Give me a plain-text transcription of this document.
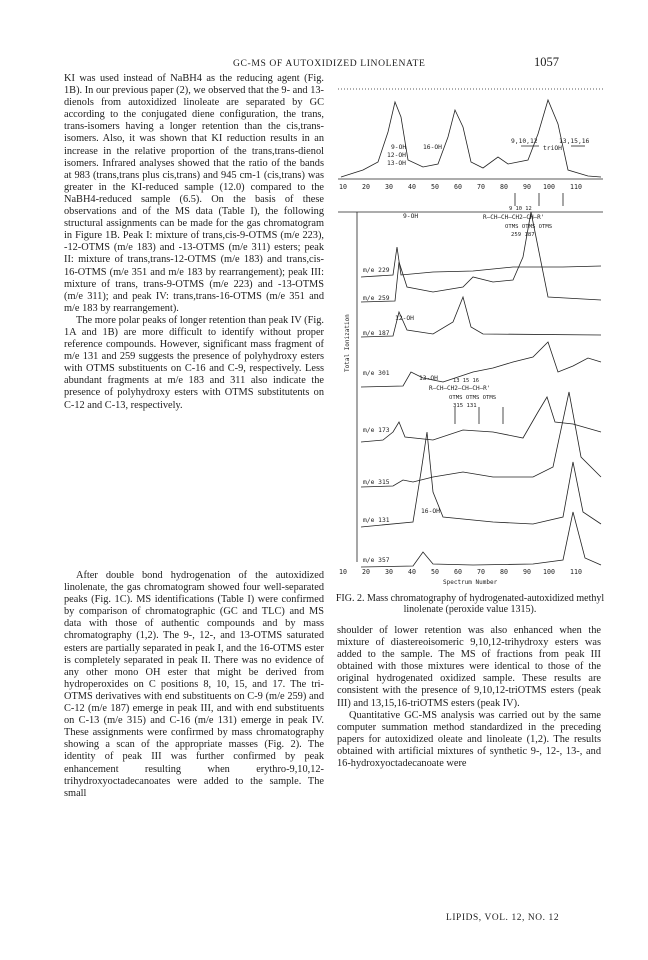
GC-MS OF AUTOXIDIZED LINOLENATE	1057

KI was used instead of NaBH4 as the reducing agent (Fig. 1B). In our previous paper (2), we observed that the 9- and 13-dienols from autoxidized linoleate are separated by GC according to the conjugated diene configuration, the trans, trans-isomers having a longer retention than the cis,trans-isomers. Also, it was shown that KI reduction results in an increase in the relative proportion of the trans,trans-dienol isomers. Infrared analyses showed that the ratio of the bands at 983 (trans,trans plus cis,trans) and 945 cm-1 (cis,trans) was greater in the KI-reduced sample (12.0) compared to the NaBH4-reduced sample (6.5). On the basis of these observations and of the MS data (Table I), the following structural assignments can be made for the gas chromatogram in Figure 1B. Peak I: mixture of trans,cis-9-OTMS (m/e 223), -12-OTMS (m/e 183) and -13-OTMS (m/e 311) esters; peak II: mixture of trans,trans-12-OTMS (m/e 183) and trans,cis-16-OTMS (m/e 351 and m/e 183 by rearrangement); peak III: mixture of trans, trans-9-OTMS (m/e 223) and -13-OTMS (m/e 311); and peak IV: trans,trans-16-OTMS (m/e 351 and m/e 183 by rearrangement).

The more polar peaks of longer retention than peak IV (Fig. 1A and 1B) are more difficult to identify without proper reference compounds. However, significant mass fragment of m/e 131 and 259 suggests the presence of polyhydroxy esters with OTMS substituents on C-16 and C-9, respectively. Less abundant fragments at m/e 183 and 311 also indicate the presence of polyhydroxy esters with OTMS substitutents on C-12 and C-13, respectively.

After double bond hydrogenation of the autoxidized linolenate, the gas chromatogram showed four well-separated peaks (Fig. 1C). MS identifications (Table I) were confirmed by comparison of chromatographic (GC and TLC) and MS data with those of authentic compounds and by mass chromatography (1,2). The 9-, 12-, and 13-OTMS saturated esters are partially separated in peak I, and the 16-OTMS ester is completely separated in peak II. There was no evidence of any other mono OH ester that might be derived from hydroperoxides on C positions 8, 10, 15, and 17. The tri-OTMS derivatives with end substituents on C-9 (m/e 259) and C-12 (m/e 187) emerge in peak III, and with end substituents on C-13 (m/e 315) and C-16 (m/e 131) emerge in peak IV. These assignments were confirmed by mass chromatography showing a scan of the appropriate masses (Fig. 2). The identity of peak III was further confirmed by peak enhancement resulting when erythro-9,10,12-trihydroxyoctadecanoates were added to the sample. The small

9-OH
12-OH
13-OH
16-OH
9,10,12	13,15,16
triOH
10 20 30 40 50 60 70 80 90 100 110
m/e 229
m/e 259
m/e 187
m/e 301
m/e 173
m/e 315
m/e 131
m/e 357
9-OH
12-OH
13-OH
16-OH
9 10 12
R—CH—CH—CH2—CH—R'
OTMS OTMS OTMS
259 187
13 15 16
R—CH—CH2—CH—CH—R'
OTMS OTMS OTMS
315 131
10 20 30 40 50 60 70 80 90 100 110
Spectrum Number
Total Ionization
FIG. 2. Mass chromatography of hydrogenated-autoxidized methyl linolenate (peroxide value 1315).

shoulder of lower retention was also enhanced when the mixture of diastereoisomeric 9,10,12-trihydroxy esters was added to the sample. The MS of fractions from peak III obtained with those mixtures were identical to those of the original hydrogenated oxidized sample. These results are consistent with the presence of 9,10,12-triOTMS esters (peak III) and 13,15,16-triOTMS esters (peak IV).

Quantitative GC-MS analysis was carried out by the same computer summation method standardized in the preceding papers for autoxidized oleate and linoleate (1,2). The results obtained with artificial mixtures of synthetic 9-, 12-, 13-, and 16-hydroxyoctadecanoate were

LIPIDS, VOL. 12, NO. 12
